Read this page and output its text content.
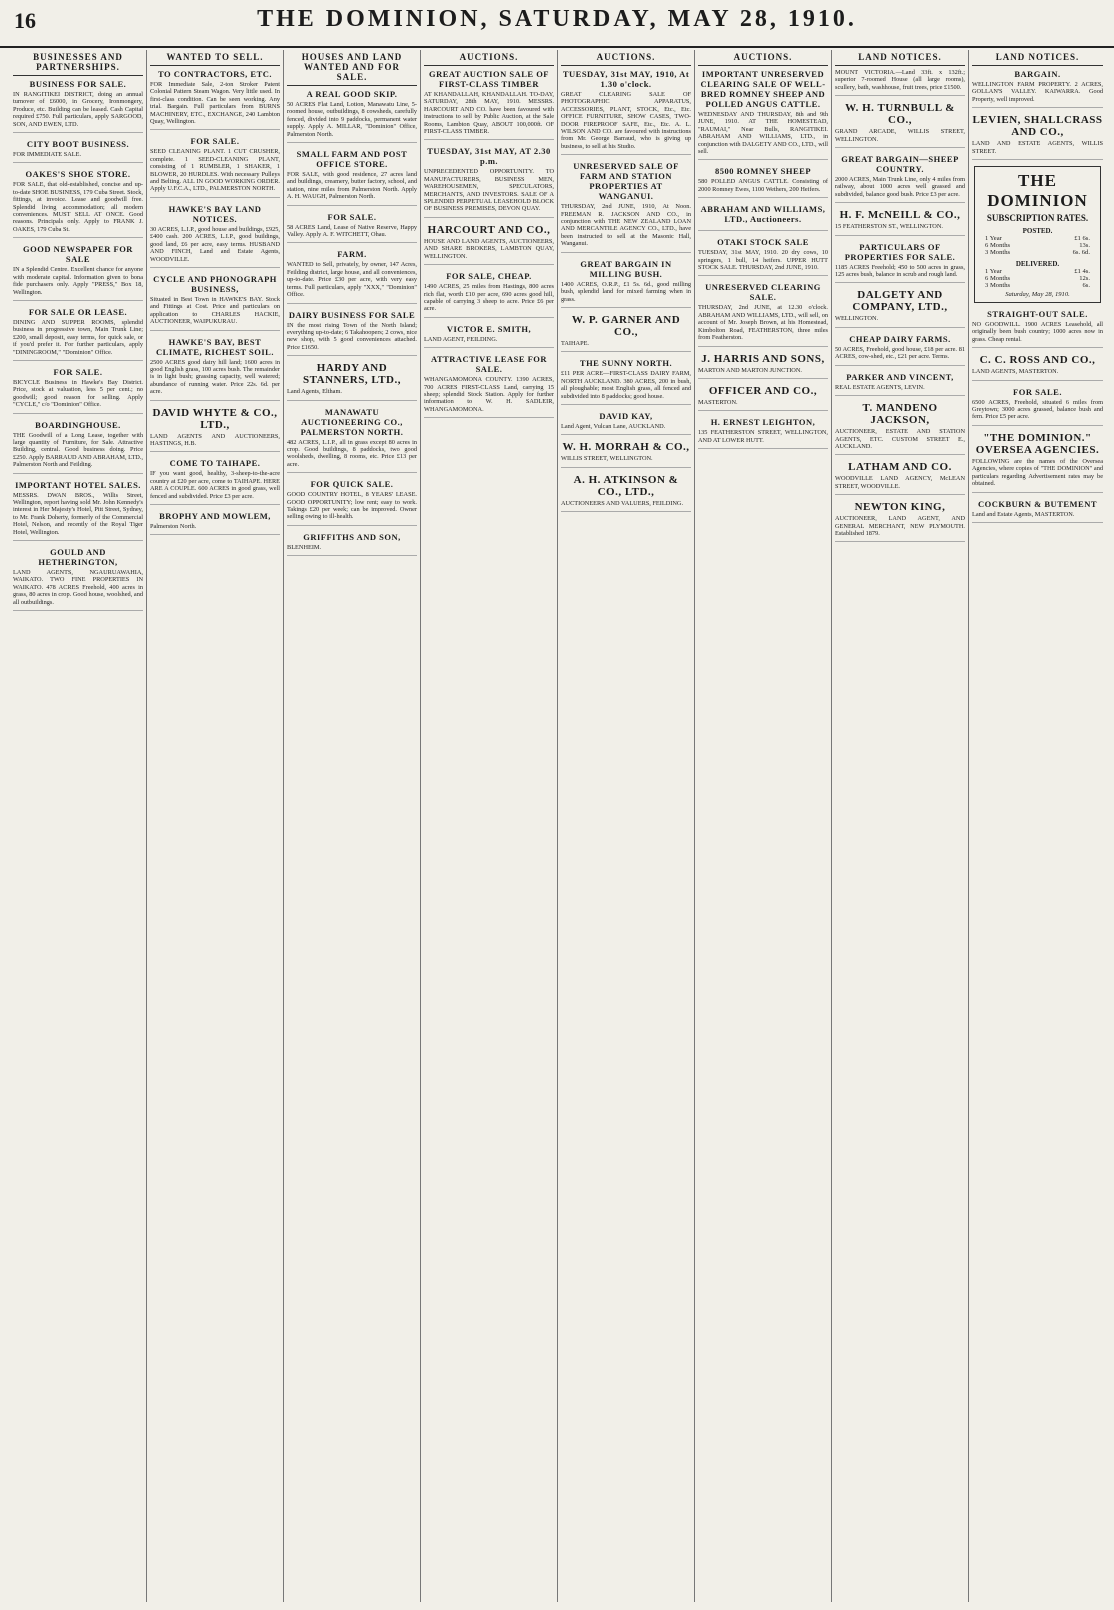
16	THE DOMINION, SATURDAY, MAY 28, 1910.
BUSINESSES AND PARTNERSHIPS.
BUSINESS FOR SALE.
IN RANGITIKEI DISTRICT, doing an annual turnover of £6000, in Grocery, Ironmongery, Produce, etc. Building can be leased. Cash Capital required £750. Full particulars, apply SARGOOD, SON, AND EWEN, LTD.
CITY BOOT BUSINESS.
FOR IMMEDIATE SALE.
OAKES'S SHOE STORE.
FOR SALE, that old-established, concise and up-to-date SHOE BUSINESS, 179 Cuba Street. Stock, fittings, at invoice. Lease and goodwill free. Splendid living accommodation; all modern conveniences. MUST SELL AT ONCE. Good reasons. Principals only. Apply to FRANK J. OAKES, 179 Cuba St.
GOOD NEWSPAPER FOR SALE
IN a Splendid Centre. Excellent chance for anyone with moderate capital. Information given to bona fide purchasers only. Apply "PRESS," Box 18, Wellington.
FOR SALE OR LEASE.
DINING AND SUPPER ROOMS, splendid business in progressive town, Main Trunk Line; £200, small deposit, easy terms, for quick sale, or if you'd prefer it. For further particulars, apply "DININGROOM," "Dominion" Office.
FOR SALE.
BICYCLE Business in Hawke's Bay District. Price, stock at valuation, less 5 per cent.; no goodwill; good reason for selling. Apply "CYCLE," c/o "Dominion" Office.
BOARDINGHOUSE.
THE Goodwill of a Long Lease, together with large quantity of Furniture, for Sale. Attractive Building, central. Good business doing. Price £250. Apply BARRAUD AND ABRAHAM, LTD., Palmerston North and Feilding.
IMPORTANT HOTEL SALES.
MESSRS. DWAN BROS., Willis Street, Wellington, report having sold Mr. John Kennedy's interest in Her Majesty's Hotel, Pitt Street, Sydney, to Mr. Frank Doherty, formerly of the Commercial Hotel, Nelson, and recently of the Royal Tiger Hotel, Wellington.
GOULD AND HETHERINGTON,
LAND AGENTS, NGAURUAWAHIA, WAIKATO. TWO FINE PROPERTIES IN WAIKATO. 478 ACRES Freehold, 400 acres in grass, 80 acres in crop. Good house, woolshed, and all outbuildings.
WANTED TO SELL.
TO CONTRACTORS, ETC.
FOR Immediate Sale, 2-ton Stroker Patent Colonial Pattern Steam Wagon. Very little used. In first-class condition. Can be seen working. Any trial. Bargain. Full particulars from BURNS MACHINERY, ETC., EXCHANGE, 240 Lambton Quay, Wellington.
FOR SALE.
SEED CLEANING PLANT. 1 CUT CRUSHER, complete. 1 SEED-CLEANING PLANT, consisting of 1 RUMBLER, 1 SHAKER, 1 BLOWER, 20 HURDLES. With necessary Pulleys and Belting. ALL IN GOOD WORKING ORDER. Apply U.F.C.A., LTD., PALMERSTON NORTH.
HAWKE'S BAY LAND NOTICES.
30 ACRES, L.I.P., good house and buildings, £925, £400 cash. 200 ACRES, L.I.P., good buildings, good land, £6 per acre, easy terms. HUSBAND AND FINCH, Land and Estate Agents, WOODVILLE.
CYCLE AND PHONOGRAPH BUSINESS,
Situated in Best Town in HAWKE'S BAY. Stock and Fittings at Cost. Price and particulars on application to CHARLES HACKIE, AUCTIONEER, WAIPUKURAU.
HAWKE'S BAY, BEST CLIMATE, RICHEST SOIL.
2500 ACRES good dairy hill land; 1600 acres in good English grass, 100 acres bush. The remainder is in light bush; grassing capacity, well watered; abundance of running water. Price 22s. 6d. per acre.
DAVID WHYTE & CO., LTD.,
LAND AGENTS AND AUCTIONEERS, HASTINGS, H.B.
COME TO TAIHAPE.
IF you want good, healthy, 3-sheep-to-the-acre country at £20 per acre, come to TAIHAPE. HERE ARE A COUPLE. 600 ACRES in good grass, well fenced and subdivided. Price £3 per acre.
BROPHY AND MOWLEM,
Palmerston North.
HOUSES AND LAND WANTED AND FOR SALE.
A REAL GOOD SKIP.
50 ACRES Flat Land, Lotion, Manawatu Line, 5-roomed house, outbuildings, 8 cowsheds, carefully fenced, divided into 9 paddocks, permanent water supply. Apply A. MILLAR, "Dominion" Office, Palmerston North.
SMALL FARM AND POST OFFICE STORE.
FOR SALE, with good residence, 27 acres land and buildings, creamery, butter factory, school, and station, nine miles from Palmerston North. Apply A. H. WAUGH, Palmerston North.
FOR SALE.
58 ACRES Land, Lease of Native Reserve, Happy Valley. Apply A. F. WITCHETT, Ohau.
FARM.
WANTED to Sell, privately, by owner, 147 Acres, Feilding district, large house, and all conveniences, up-to-date. Price £30 per acre, with very easy terms. Full particulars, apply "XXX," "Dominion" Office.
DAIRY BUSINESS FOR SALE
IN the most rising Town of the North Island; everything up-to-date; 6 Takahoopers; 2 cows, nice new shop, with 5 good conveniences attached. Price £1650.
HARDY AND STANNERS, LTD.,
Land Agents, Eltham.
MANAWATU AUCTIONEERING CO., PALMERSTON NORTH.
482 ACRES, L.I.P., all in grass except 80 acres in crop. Good buildings, 8 paddocks, two good woolsheds, dwelling, 8 rooms, etc. Price £13 per acre.
FOR QUICK SALE.
GOOD COUNTRY HOTEL, 8 YEARS' LEASE. GOOD OPPORTUNITY; low rent; easy to work. Takings £20 per week; can be improved. Owner selling owing to ill-health.
GRIFFITHS AND SON,
BLENHEIM.
AUCTIONS.
GREAT AUCTION SALE OF FIRST-CLASS TIMBER
AT KHANDALLAH, KHANDALLAH. TO-DAY, SATURDAY, 28th MAY, 1910. MESSRS. HARCOURT AND CO. have been favoured with instructions to sell by Public Auction, at the Sale Rooms, Lambton Quay, ABOUT 100,000ft. OF FIRST-CLASS TIMBER.
TUESDAY, 31st MAY, AT 2.30 p.m.
UNPRECEDENTED OPPORTUNITY. TO MANUFACTURERS, BUSINESS MEN, WAREHOUSEMEN, SPECULATORS, MERCHANTS, AND INVESTORS. SALE OF A SPLENDID PERPETUAL LEASEHOLD BLOCK OF BUSINESS PREMISES, DEVON QUAY.
HARCOURT AND CO.,
HOUSE AND LAND AGENTS, AUCTIONEERS, AND SHARE BROKERS, LAMBTON QUAY, WELLINGTON.
FOR SALE, CHEAP.
1490 ACRES, 25 miles from Hastings, 800 acres rich flat, worth £10 per acre, 690 acres good hill, capable of carrying 3 sheep to acre. Price £6 per acre.
VICTOR E. SMITH,
LAND AGENT, FEILDING.
ATTRACTIVE LEASE FOR SALE.
WHANGAMOMONA COUNTY. 1390 ACRES, 700 ACRES FIRST-CLASS Land, carrying 15 sheep; splendid Stock Station. Apply for further information to W. H. SADLEIR, WHANGAMOMONA.
AUCTIONS.
TUESDAY, 31st MAY, 1910, At 1.30 o'clock.
GREAT CLEARING SALE OF PHOTOGRAPHIC APPARATUS, ACCESSORIES, PLANT, STOCK, Etc., Etc. OFFICE FURNITURE, SHOW CASES, TWO-DOOR FIREPROOF SAFE, Etc., Etc. A. L. WILSON AND CO. are favoured with instructions from Mr. George Barraud, who is giving up business, to sell at his Studio.
UNRESERVED SALE OF FARM AND STATION PROPERTIES AT WANGANUI.
THURSDAY, 2nd JUNE, 1910, At Noon. FREEMAN R. JACKSON AND CO., in conjunction with THE NEW ZEALAND LOAN AND MERCANTILE AGENCY CO., LTD., have been instructed to sell at the Masonic Hall, Wanganui.
GREAT BARGAIN IN MILLING BUSH.
1400 ACRES, O.R.P., £1 5s. 6d., good milling bush, splendid land for mixed farming when in grass.
W. P. GARNER AND CO.,
TAIHAPE.
THE SUNNY NORTH.
£11 PER ACRE—FIRST-CLASS DAIRY FARM, NORTH AUCKLAND. 380 ACRES, 200 in bush, all ploughable; most English grass, all fenced and subdivided into 8 paddocks; good house.
DAVID KAY,
Land Agent, Vulcan Lane, AUCKLAND.
W. H. MORRAH & CO.,
WILLIS STREET, WELLINGTON.
A. H. ATKINSON & CO., LTD.,
AUCTIONEERS AND VALUERS, FEILDING.
AUCTIONS.
IMPORTANT UNRESERVED CLEARING SALE OF WELL-BRED ROMNEY SHEEP AND POLLED ANGUS CATTLE.
WEDNESDAY AND THURSDAY, 8th and 9th JUNE, 1910. AT THE HOMESTEAD, "RAUMAI," Near Bulls, RANGITIKEI. ABRAHAM AND WILLIAMS, LTD., in conjunction with DALGETY AND CO., LTD., will sell.
8500 ROMNEY SHEEP
580 POLLED ANGUS CATTLE. Consisting of 2000 Romney Ewes, 1100 Wethers, 200 Heifers.
ABRAHAM AND WILLIAMS, LTD., Auctioneers.
OTAKI STOCK SALE
TUESDAY, 31st MAY, 1910. 20 dry cows, 10 springers, 1 bull, 14 heifers. UPPER HUTT STOCK SALE. THURSDAY, 2nd JUNE, 1910.
UNRESERVED CLEARING SALE.
THURSDAY, 2nd JUNE, at 12.30 o'clock. ABRAHAM AND WILLIAMS, LTD., will sell, on account of Mr. Joseph Brown, at his Homestead, Kimbolton Road, FEATHERSTON, three miles from Featherston.
J. HARRIS AND SONS,
MARTON AND MARTON JUNCTION.
OFFICER AND CO.,
MASTERTON.
H. ERNEST LEIGHTON,
135 FEATHERSTON STREET, WELLINGTON, AND AT LOWER HUTT.
LAND NOTICES.
MOUNT VICTORIA.—Land 33ft. x 132ft.; superior 7-roomed House (all large rooms), scullery, bath, washhouse, fruit trees, price £1500.
W. H. TURNBULL & CO.,
GRAND ARCADE, WILLIS STREET, WELLINGTON.
GREAT BARGAIN—SHEEP COUNTRY.
2000 ACRES, Main Trunk Line, only 4 miles from railway, about 1000 acres well grassed and subdivided, balance good bush. Price £3 per acre.
H. F. McNEILL & CO.,
15 FEATHERSTON ST., WELLINGTON.
PARTICULARS OF PROPERTIES FOR SALE.
1185 ACRES Freehold; 450 to 500 acres in grass, 125 acres bush, balance in scrub and rough land.
DALGETY AND COMPANY, LTD.,
WELLINGTON.
CHEAP DAIRY FARMS.
50 ACRES, Freehold, good house, £18 per acre. 81 ACRES, cow-shed, etc., £21 per acre. Terms.
PARKER AND VINCENT,
REAL ESTATE AGENTS, LEVIN.
T. MANDENO JACKSON,
AUCTIONEER, ESTATE AND STATION AGENTS, ETC. CUSTOM STREET E., AUCKLAND.
LATHAM AND CO.
WOODVILLE LAND AGENCY, McLEAN STREET, WOODVILLE.
NEWTON KING,
AUCTIONEER, LAND AGENT, AND GENERAL MERCHANT, NEW PLYMOUTH. Established 1879.
LAND NOTICES.
BARGAIN.
WELLINGTON FARM PROPERTY. 2 ACRES, GOLLAN'S VALLEY. KAIWARRA. Good Property, well improved.
LEVIEN, SHALLCRASS AND CO.,
LAND AND ESTATE AGENTS, WILLIS STREET.
THE DOMINION
SUBSCRIPTION RATES.
POSTED.
1 Year	£1 6s.
6 Months	13s.
3 Months	6s. 6d.
DELIVERED.
1 Year	£1 4s.
6 Months	12s.
3 Months	6s.
Saturday, May 28, 1910.
STRAIGHT-OUT SALE.
NO GOODWILL. 1900 ACRES Leasehold, all originally been bush country; 1000 acres now in grass. Cheap rental.
C. C. ROSS AND CO.,
LAND AGENTS, MASTERTON.
FOR SALE.
6500 ACRES, Freehold, situated 6 miles from Greytown; 3000 acres grassed, balance bush and fern. Price £5 per acre.
"THE DOMINION." OVERSEA AGENCIES.
FOLLOWING are the names of the Oversea Agencies, where copies of "THE DOMINION" and particulars regarding Advertisement rates may be obtained.
COCKBURN & BUTEMENT
Land and Estate Agents, MASTERTON.
